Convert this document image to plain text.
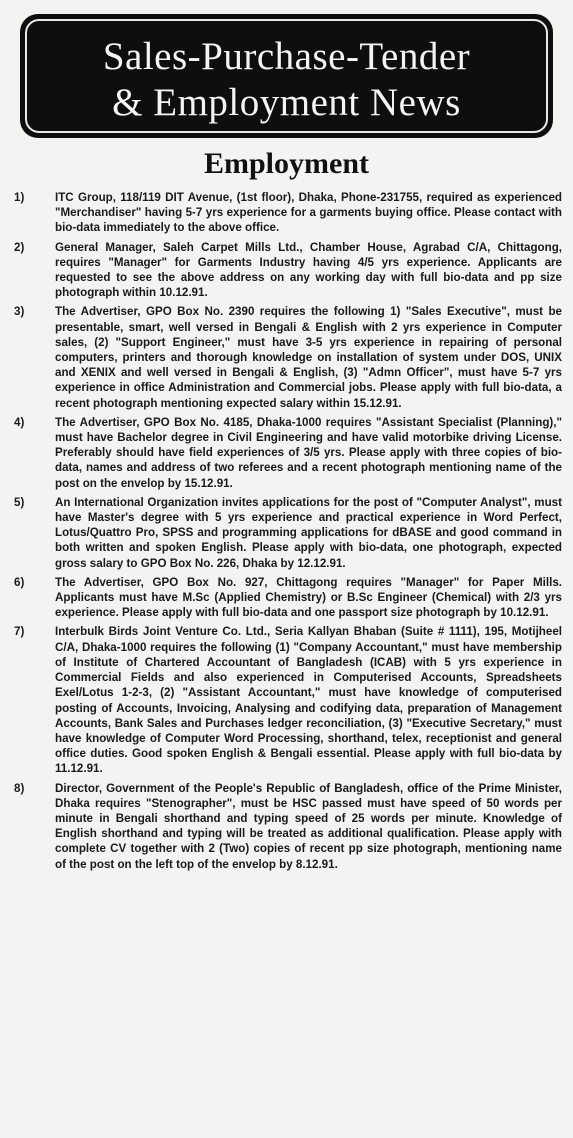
Sales-Purchase-Tender
& Employment News
Employment
1)	ITC Group, 118/119 DIT Avenue, (1st floor), Dhaka, Phone-231755, required as experienced "Merchandiser" having 5-7 yrs experience for a garments buying office. Please contact with bio-data immediately to the above office.
2)	General Manager, Saleh Carpet Mills Ltd., Chamber House, Agrabad C/A, Chittagong, requires "Manager" for Garments Industry having 4/5 yrs experience. Applicants are requested to see the above address on any working day with full bio-data and pp size photograph within 10.12.91.
3)	The Advertiser, GPO Box No. 2390 requires the following 1) "Sales Executive", must be presentable, smart, well versed in Bengali & English with 2 yrs experience in Computer sales, (2) "Support Engineer," must have 3-5 yrs experience in repairing of personal computers, printers and thorough knowledge on installation of system under DOS, UNIX and XENIX and well versed in Bengali & English, (3) "Admn Officer", must have 5-7 yrs experience in office Administration and Commercial jobs. Please apply with full bio-data, a recent photograph mentioning expected salary within 15.12.91.
4)	The Advertiser, GPO Box No. 4185, Dhaka-1000 requires "Assistant Specialist (Planning)," must have Bachelor degree in Civil Engineering and have valid motorbike driving License. Preferably should have field experiences of 3/5 yrs. Please apply with three copies of bio-data, names and address of two referees and a recent photograph mentioning name of the post on the envelop by 15.12.91.
5)	An International Organization invites applications for the post of "Computer Analyst", must have Master's degree with 5 yrs experience and practical experience in Word Perfect, Lotus/Quattro Pro, SPSS and programming applications for dBASE and good command in both written and spoken English. Please apply with bio-data, one photograph, expected gross salary to GPO Box No. 226, Dhaka by 12.12.91.
6)	The Advertiser, GPO Box No. 927, Chittagong requires "Manager" for Paper Mills. Applicants must have M.Sc (Applied Chemistry) or B.Sc Engineer (Chemical) with 2/3 yrs experience. Please apply with full bio-data and one passport size photograph by 10.12.91.
7)	Interbulk Birds Joint Venture Co. Ltd., Seria Kallyan Bhaban (Suite # 1111), 195, Motijheel C/A, Dhaka-1000 requires the following (1) "Company Accountant," must have membership of Institute of Chartered Accountant of Bangladesh (ICAB) with 5 yrs experience in Commercial Fields and also experienced in Computerised Accounts, Spreadsheets Exel/Lotus 1-2-3, (2) "Assistant Accountant," must have knowledge of computerised posting of Accounts, Invoicing, Analysing and codifying data, preparation of Management Accounts, Bank Sales and Purchases ledger reconciliation, (3) "Executive Secretary," must have knowledge of Computer Word Processing, shorthand, telex, receptionist and general office duties. Good spoken English & Bengali essential. Please apply with full bio-data by 11.12.91.
8)	Director, Government of the People's Republic of Bangladesh, office of the Prime Minister, Dhaka requires "Stenographer", must be HSC passed must have speed of 50 words per minute in Bengali shorthand and typing speed of 25 words per minute. Knowledge of English shorthand and typing will be treated as additional qualification. Please apply with complete CV together with 2 (Two) copies of recent pp size photograph, mentioning name of the post on the left top of the envelop by 8.12.91.
